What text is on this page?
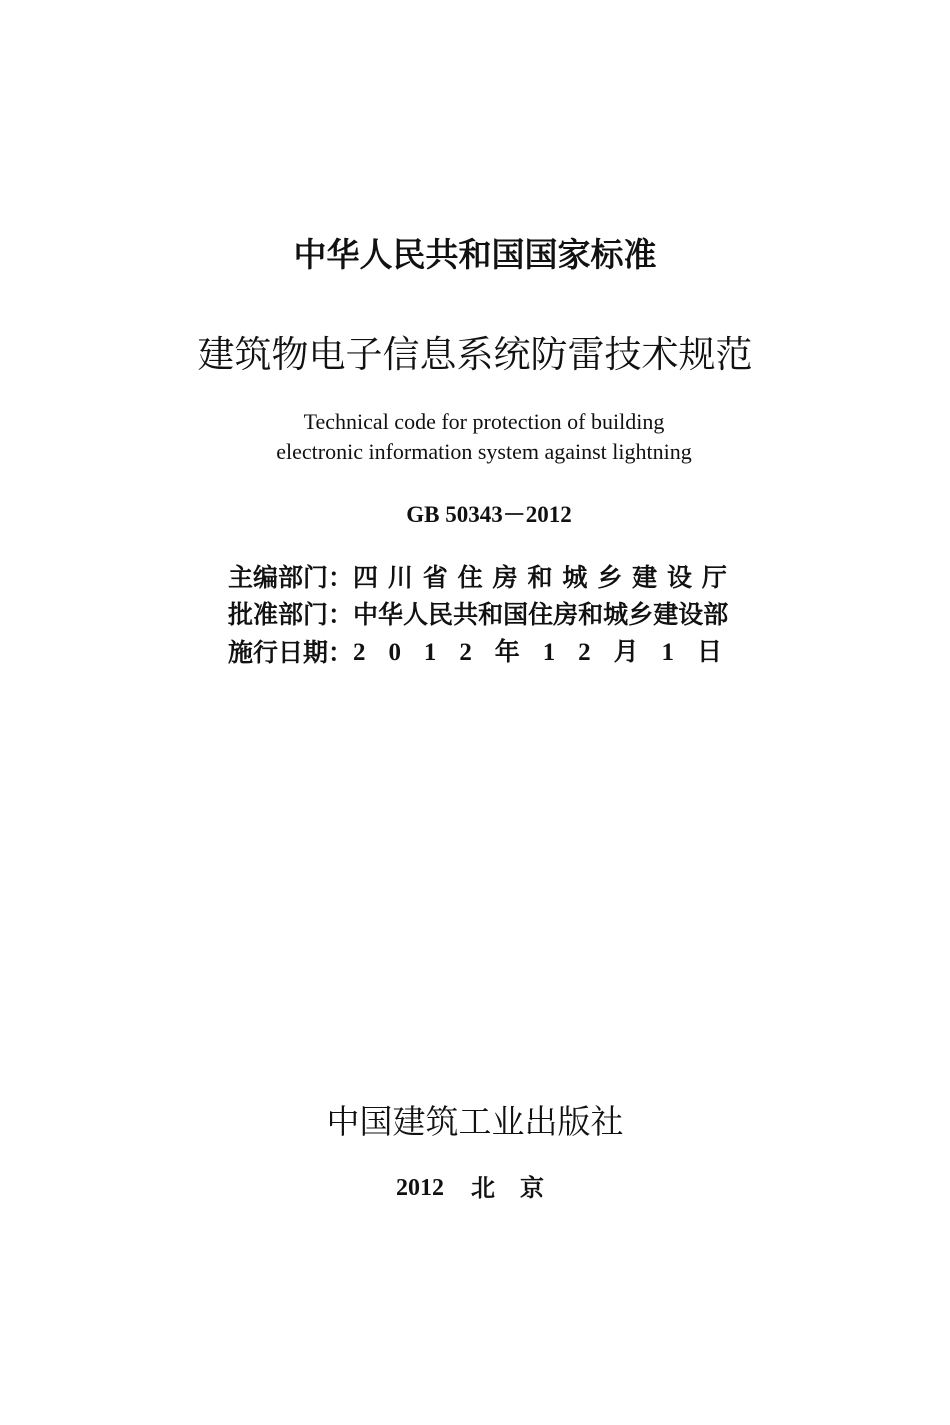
中华人民共和国国家标准
建筑物电子信息系统防雷技术规范
Technical code for protection of building
electronic information system against lightning
GB 50343－2012
主编部门： 四 川 省 住 房 和 城 乡 建 设 厅
批准部门： 中 华 人 民 共 和 国 住 房 和 城 乡 建 设 部
施行日期： 2 0 1 2 年 1 2 月 1 日
中国建筑工业出版社
2012 北京
